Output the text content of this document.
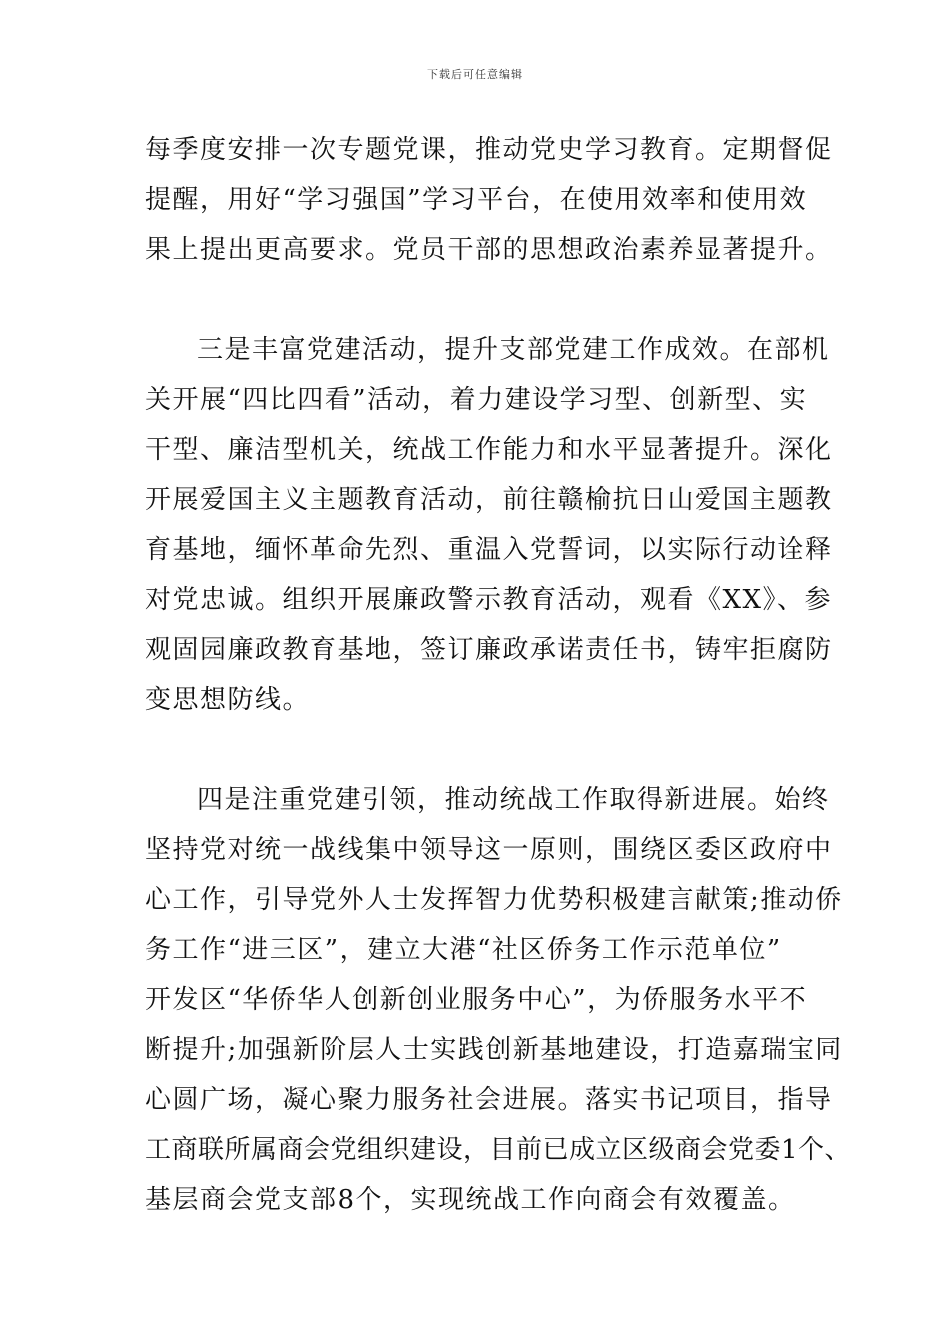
下载后可任意编辑
每季度安排一次专题党课，推动党史学习教育。定期督促
提醒，用好“学习强国”学习平台，在使用效率和使用效
果上提出更高要求。党员干部的思想政治素养显著提升。
三是丰富党建活动，提升支部党建工作成效。在部机
关开展“四比四看”活动，着力建设学习型、创新型、实
干型、廉洁型机关，统战工作能力和水平显著提升。深化
开展爱国主义主题教育活动，前往赣榆抗日山爱国主题教
育基地，缅怀革命先烈、重温入党誓词，以实际行动诠释
对党忠诚。组织开展廉政警示教育活动，观看《XX》、参
观固园廉政教育基地，签订廉政承诺责任书，铸牢拒腐防
变思想防线。
四是注重党建引领，推动统战工作取得新进展。始终
坚持党对统一战线集中领导这一原则，围绕区委区政府中
心工作，引导党外人士发挥智力优势积极建言献策;推动侨
务工作“进三区”，建立大港“社区侨务工作示范单位”
开发区“华侨华人创新创业服务中心”，为侨服务水平不
断提升;加强新阶层人士实践创新基地建设，打造嘉瑞宝同
心圆广场，凝心聚力服务社会进展。落实书记项目，指导
工商联所属商会党组织建设，目前已成立区级商会党委1个、
基层商会党支部8个，实现统战工作向商会有效覆盖。
